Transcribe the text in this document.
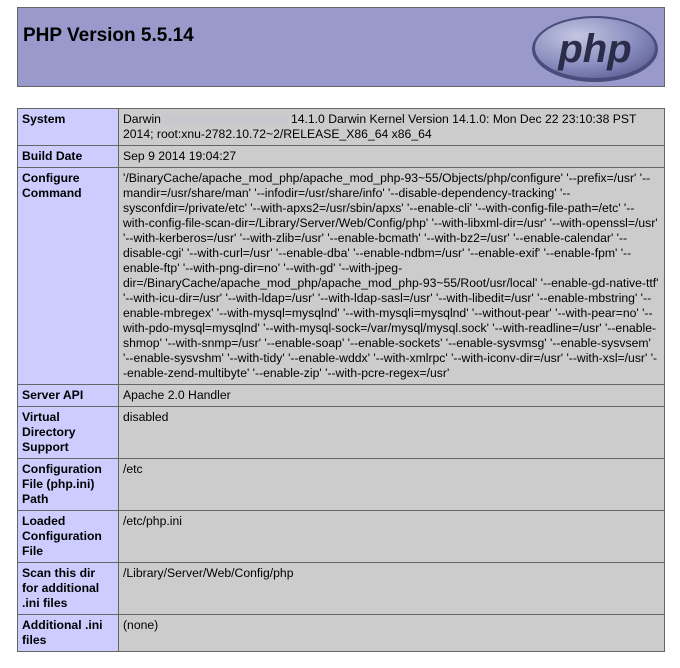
PHP Version 5.5.14	php
System	Darwin 14.1.0 Darwin Kernel Version 14.1.0: Mon Dec 22 23:10:38 PST 2014; root:xnu-2782.10.72~2/RELEASE_X86_64 x86_64
Build Date	Sep 9 2014 19:04:27
Configure Command	'/BinaryCache/apache_mod_php/apache_mod_php-93~55/Objects/php/configure' '--prefix=/usr' '--mandir=/usr/share/man' '--infodir=/usr/share/info' '--disable-dependency-tracking' '--sysconfdir=/private/etc' '--with-apxs2=/usr/sbin/apxs' '--enable-cli' '--with-config-file-path=/etc' '--with-config-file-scan-dir=/Library/Server/Web/Config/php' '--with-libxml-dir=/usr' '--with-openssl=/usr' '--with-kerberos=/usr' '--with-zlib=/usr' '--enable-bcmath' '--with-bz2=/usr' '--enable-calendar' '--disable-cgi' '--with-curl=/usr' '--enable-dba' '--enable-ndbm=/usr' '--enable-exif' '--enable-fpm' '--enable-ftp' '--with-png-dir=no' '--with-gd' '--with-jpeg-dir=/BinaryCache/apache_mod_php/apache_mod_php-93~55/Root/usr/local' '--enable-gd-native-ttf' '--with-icu-dir=/usr' '--with-ldap=/usr' '--with-ldap-sasl=/usr' '--with-libedit=/usr' '--enable-mbstring' '--enable-mbregex' '--with-mysql=mysqlnd' '--with-mysqli=mysqlnd' '--without-pear' '--with-pear=no' '--with-pdo-mysql=mysqlnd' '--with-mysql-sock=/var/mysql/mysql.sock' '--with-readline=/usr' '--enable-shmop' '--with-snmp=/usr' '--enable-soap' '--enable-sockets' '--enable-sysvmsg' '--enable-sysvsem' '--enable-sysvshm' '--with-tidy' '--enable-wddx' '--with-xmlrpc' '--with-iconv-dir=/usr' '--with-xsl=/usr' '--enable-zend-multibyte' '--enable-zip' '--with-pcre-regex=/usr'
Server API	Apache 2.0 Handler
Virtual Directory Support	disabled
Configuration File (php.ini) Path	/etc
Loaded Configuration File	/etc/php.ini
Scan this dir for additional .ini files	/Library/Server/Web/Config/php
Additional .ini files	(none)
